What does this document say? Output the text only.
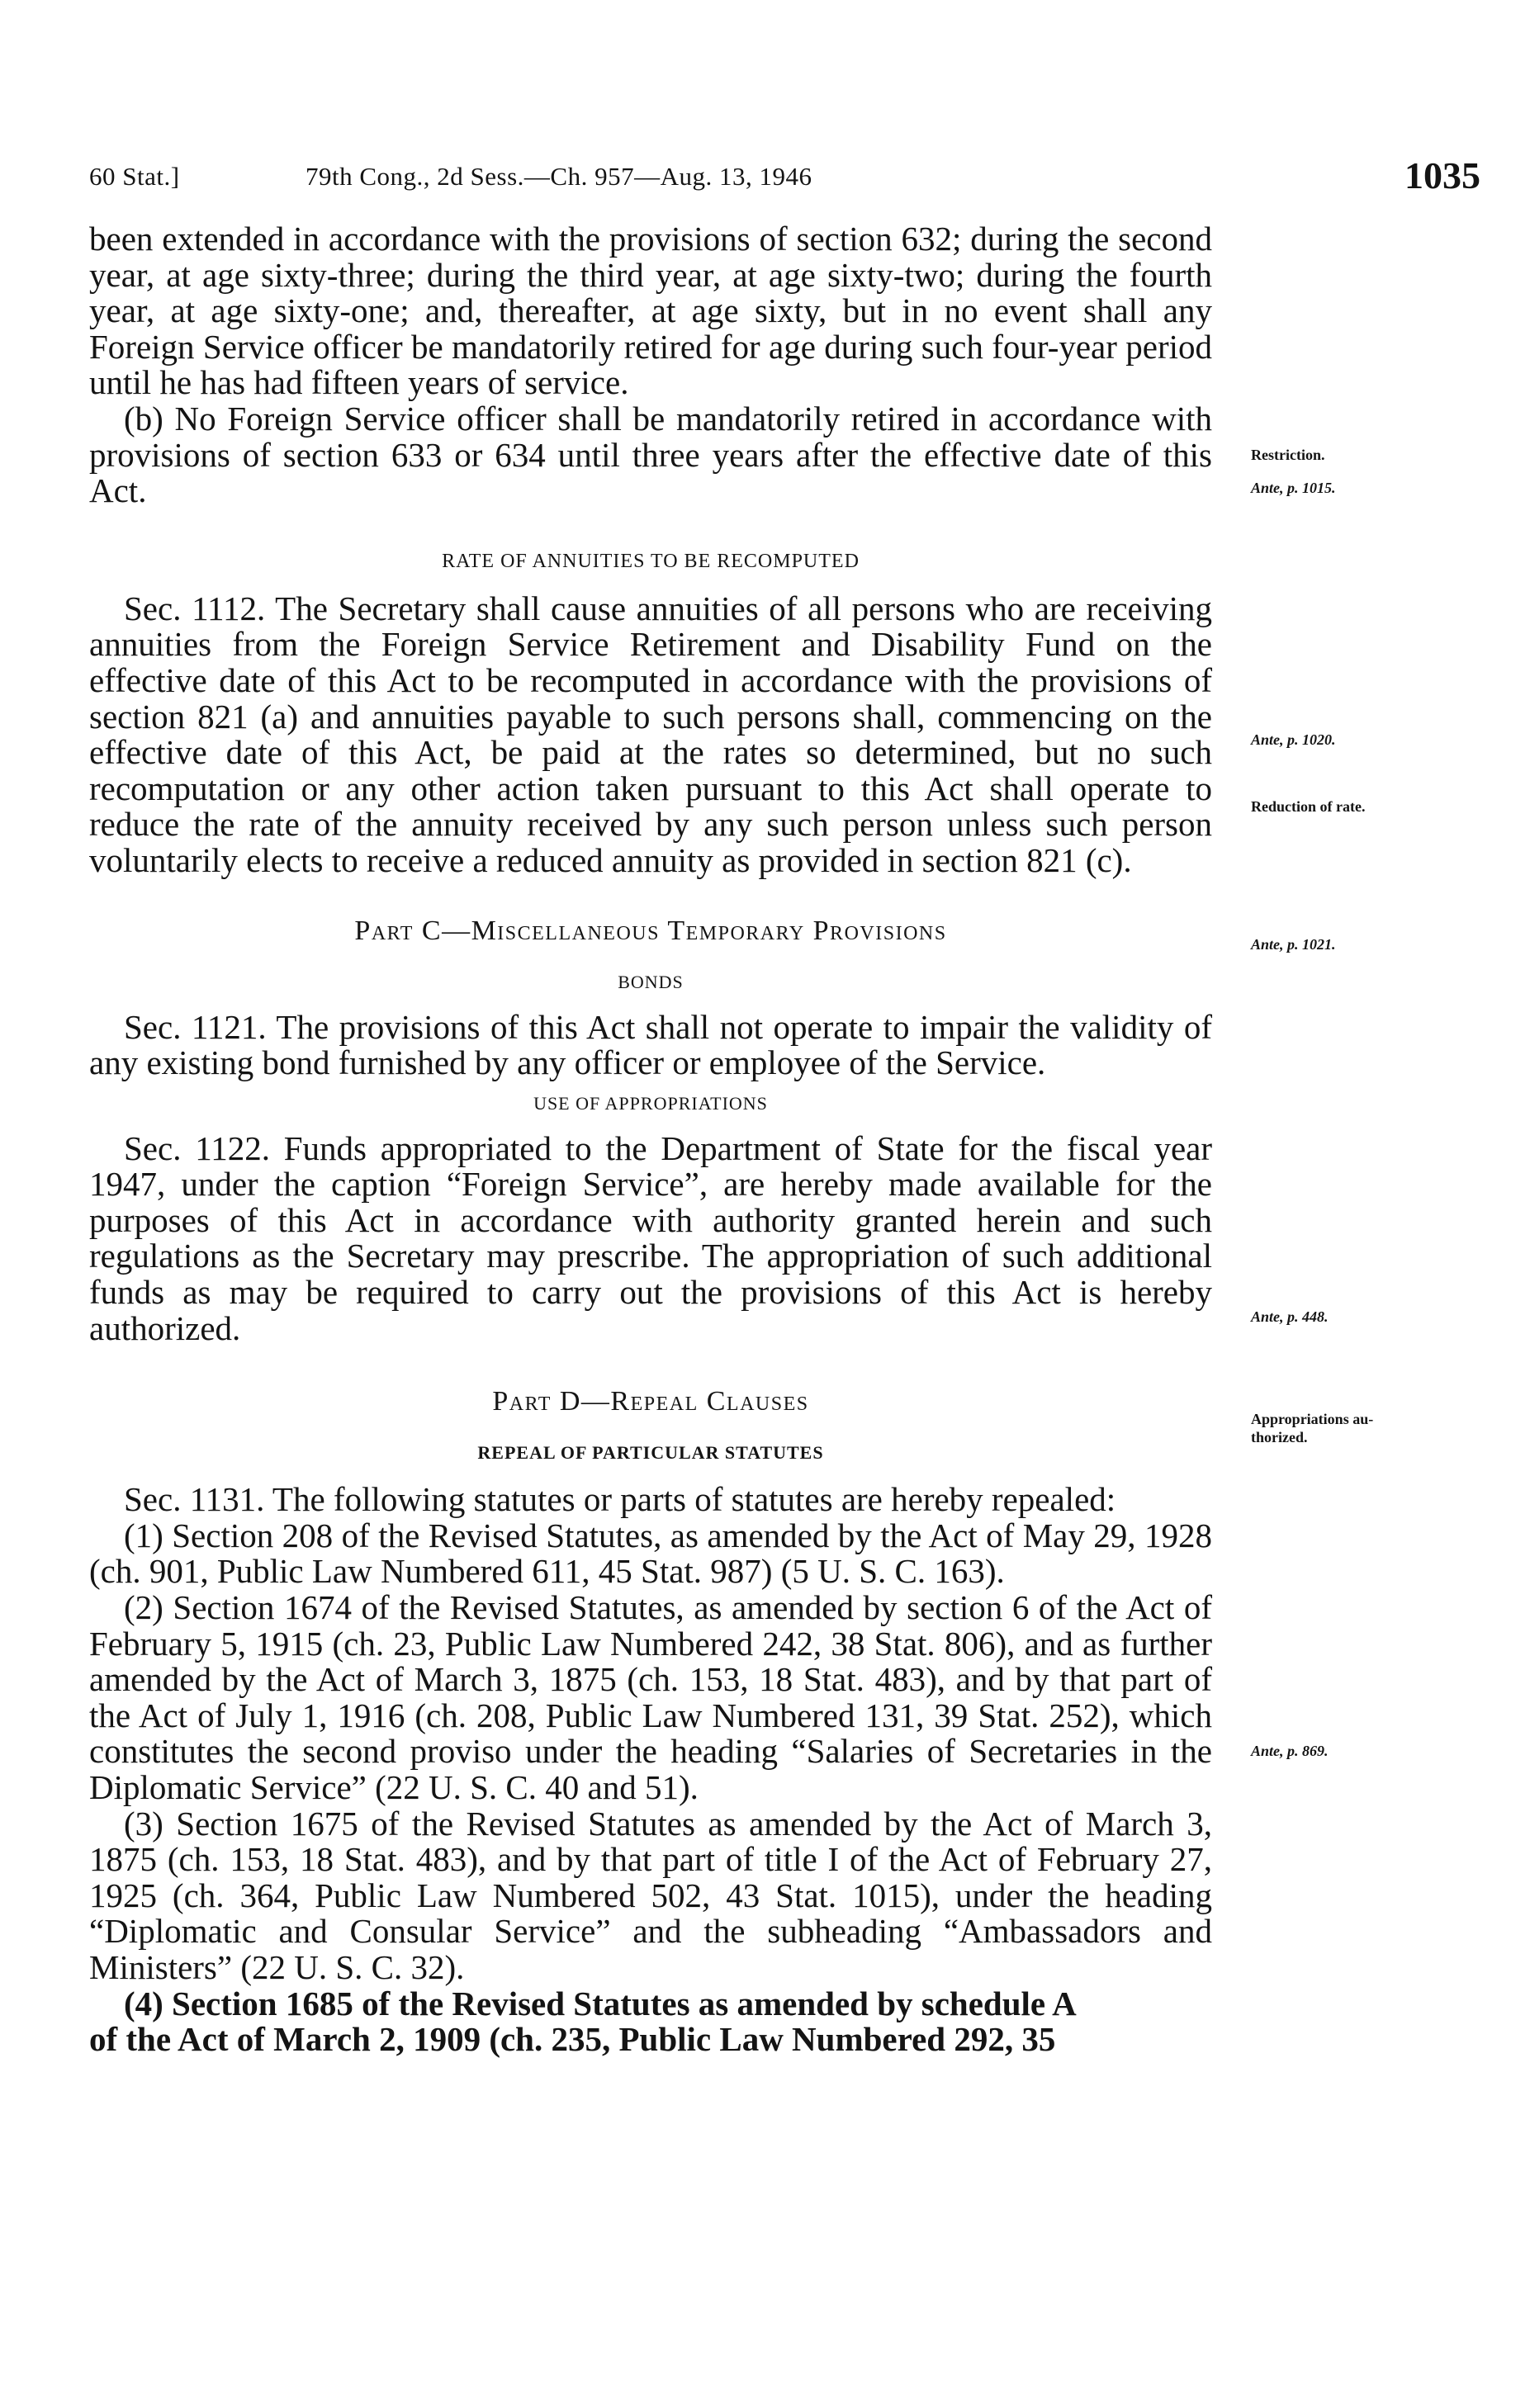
60 Stat.]	79th Cong., 2d Sess.—Ch. 957—Aug. 13, 1946	1035

been extended in accordance with the provisions of section 632; during the second year, at age sixty-three; during the third year, at age sixty-two; during the fourth year, at age sixty-one; and, thereafter, at age sixty, but in no event shall any Foreign Service officer be mandatorily retired for age during such four-year period until he has had fifteen years of service.

(b) No Foreign Service officer shall be mandatorily retired in accordance with provisions of section 633 or 634 until three years after the effective date of this Act.

RATE OF ANNUITIES TO BE RECOMPUTED

Sec. 1112. The Secretary shall cause annuities of all persons who are receiving annuities from the Foreign Service Retirement and Disability Fund on the effective date of this Act to be recomputed in accordance with the provisions of section 821 (a) and annuities payable to such persons shall, commencing on the effective date of this Act, be paid at the rates so determined, but no such recomputation or any other action taken pursuant to this Act shall operate to reduce the rate of the annuity received by any such person unless such person voluntarily elects to receive a reduced annuity as provided in section 821 (c).

Part C—Miscellaneous Temporary Provisions

BONDS

Sec. 1121. The provisions of this Act shall not operate to impair the validity of any existing bond furnished by any officer or employee of the Service.

USE OF APPROPRIATIONS

Sec. 1122. Funds appropriated to the Department of State for the fiscal year 1947, under the caption “Foreign Service”, are hereby made available for the purposes of this Act in accordance with authority granted herein and such regulations as the Secretary may prescribe. The appropriation of such additional funds as may be required to carry out the provisions of this Act is hereby authorized.

Part D—Repeal Clauses

REPEAL OF PARTICULAR STATUTES

Sec. 1131. The following statutes or parts of statutes are hereby repealed:

(1) Section 208 of the Revised Statutes, as amended by the Act of May 29, 1928 (ch. 901, Public Law Numbered 611, 45 Stat. 987) (5 U. S. C. 163).

(2) Section 1674 of the Revised Statutes, as amended by section 6 of the Act of February 5, 1915 (ch. 23, Public Law Numbered 242, 38 Stat. 806), and as further amended by the Act of March 3, 1875 (ch. 153, 18 Stat. 483), and by that part of the Act of July 1, 1916 (ch. 208, Public Law Numbered 131, 39 Stat. 252), which constitutes the second proviso under the heading “Salaries of Secretaries in the Diplomatic Service” (22 U. S. C. 40 and 51).

(3) Section 1675 of the Revised Statutes as amended by the Act of March 3, 1875 (ch. 153, 18 Stat. 483), and by that part of title I of the Act of February 27, 1925 (ch. 364, Public Law Numbered 502, 43 Stat. 1015), under the heading “Diplomatic and Consular Service” and the subheading “Ambassadors and Ministers” (22 U. S. C. 32).

(4) Section 1685 of the Revised Statutes as amended by schedule A

of the Act of March 2, 1909 (ch. 235, Public Law Numbered 292, 35

Restriction.
Ante, p. 1015.
Ante, p. 1020.
Reduction of rate.
Ante, p. 1021.
Ante, p. 448.
Appropriations au-
thorized.
Ante, p. 869.
